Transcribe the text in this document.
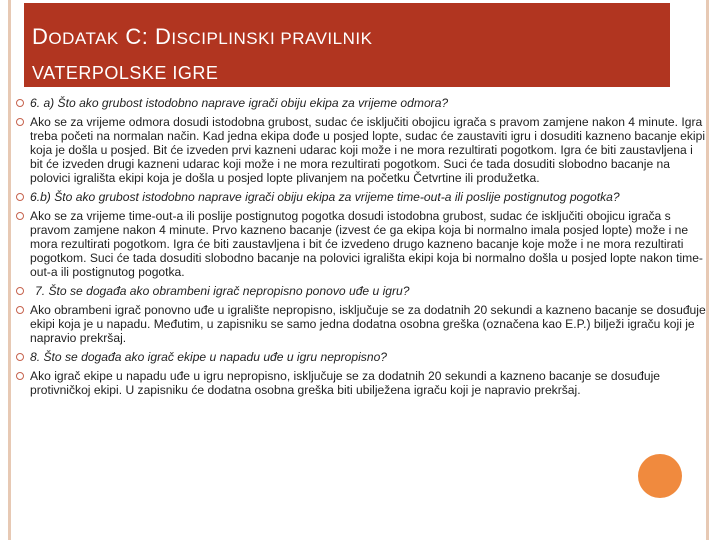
DODATAK C: DISCIPLINSKI PRAVILNIK
VATERPOLSKE IGRE
6. a) Što ako grubost istodobno naprave igrači obiju ekipa za vrijeme odmora?
Ako se za vrijeme odmora dosudi istodobna grubost, sudac će isključiti obojicu igrača s pravom zamjene nakon 4 minute. Igra treba početi na normalan način. Kad jedna ekipa dođe u posjed lopte, sudac će zaustaviti igru i dosuditi kazneno bacanje ekipi koja je došla u posjed. Bit će izveden prvi kazneni udarac koji može i ne mora rezultirati pogotkom. Igra će biti zaustavljena i bit će izveden drugi kazneni udarac koji može i ne mora rezultirati pogotkom. Suci će tada dosuditi slobodno bacanje na polovici igrališta ekipi koja je došla u posjed lopte plivanjem na početku Četvrtine ili produžetka.
6.b) Što ako grubost istodobno naprave igrači obiju ekipa za vrijeme time-out-a ili poslije postignutog pogotka?
Ako se za vrijeme time-out-a ili poslije postignutog pogotka dosudi istodobna grubost, sudac će isključiti obojicu igrača s pravom zamjene nakon 4 minute. Prvo kazneno bacanje (izvest će ga ekipa koja bi normalno imala posjed lopte) može i ne mora rezultirati pogotkom. Igra će biti zaustavljena i bit će izvedeno drugo kazneno bacanje koje može i ne mora rezultirati pogotkom. Suci će tada dosuditi slobodno bacanje na polovici igrališta ekipi koja bi normalno došla u posjed lopte nakon time-out-a ili postignutog pogotka.
7. Što se događa ako obrambeni igrač nepropisno ponovo uđe u igru?
Ako obrambeni igrač ponovno uđe u igralište nepropisno, isključuje se za dodatnih 20 sekundi a kazneno bacanje se dosuđuje ekipi koja je u napadu. Međutim, u zapisniku se samo jedna dodatna osobna greška (označena kao E.P.) bilježi igraču koji je napravio prekršaj.
8. Što se događa ako igrač ekipe u napadu uđe u igru nepropisno?
Ako igrač ekipe u napadu uđe u igru nepropisno, isključuje se za dodatnih 20 sekundi a kazneno bacanje se dosuđuje protivničkoj ekipi. U zapisniku će dodatna osobna greška biti ubilježena igraču koji je napravio prekršaj.
